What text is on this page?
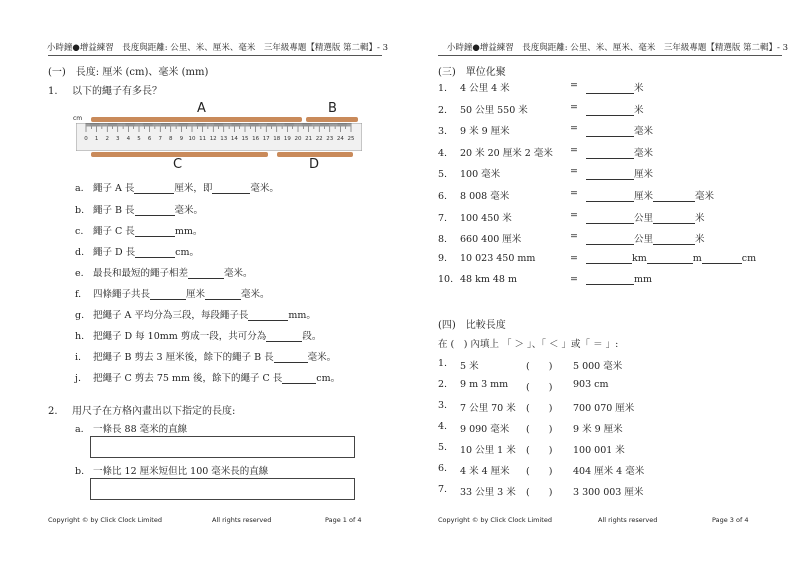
小時鐘●增益練習　長度與距離: 公里、米、厘米、毫米　三年級專題【精選版 第二輯】- 3
(一)　長度: 厘米 (cm)、毫米 (mm)
1. 以下的繩子有多長？
A	B
C	D
0 1 2 3 4 5 6 7 8 9 10 11 12 13 14 15 16 17 18 19 20 21 22 23 24 25
cm
a. 繩子 A 長	厘米，即	毫米。
b. 繩子 B 長	毫米。
c. 繩子 C 長	mm。
d. 繩子 D 長	cm。
e. 最長和最短的繩子相差	毫米。
f. 四條繩子共長	厘米	毫米。
g. 把繩子 A 平均分為三段，每段繩子長	mm。
h. 把繩子 D 每 10mm 剪成一段，共可分為	段。
i. 把繩子 B 剪去 3 厘米後，餘下的繩子 B 長	毫米。
j. 把繩子 C 剪去 75 mm 後，餘下的繩子 C 長	cm。
2. 用尺子在方格內畫出以下指定的長度:
a. 一條長 88 毫米的直線
b. 一條比 12 厘米短但比 100 毫米長的直線
Copyright © by Click Clock Limited	All rights reserved	Page 1 of 4
小時鐘●增益練習　長度與距離: 公里、米、厘米、毫米　三年級專題【精選版 第二輯】- 3
(三)　單位化聚
1. 4 公里 4 米	=	米
2. 50 公里 550 米	=	米
3. 9 米 9 厘米	=	毫米
4. 20 米 20 厘米 2 毫米 =	毫米
5. 100 毫米	=	厘米
6. 8 008 毫米	=	厘米	毫米
7. 100 450 米	=	公里	米
8. 660 400 厘米	=	公里	米
9. 10 023 450 mm	=	km	m	cm
10. 48 km 48 m	=	mm
(四)　比較長度
在 (　) 內填上 「 ＞ 」、「 ＜ 」或「 ＝ 」:
1. 5 米	(　　) 5 000 毫米
2. 9 m 3 mm (　　) 903 cm
3. 7 公里 70 米 (　　) 700 070 厘米
4. 9 090 毫米 (　　) 9 米 9 厘米
5. 10 公里 1 米 (　　) 100 001 米
6. 4 米 4 厘米 (　　) 404 厘米 4 毫米
7. 33 公里 3 米 (　　) 3 300 003 厘米
Copyright © by Click Clock Limited	All rights reserved	Page 3 of 4
